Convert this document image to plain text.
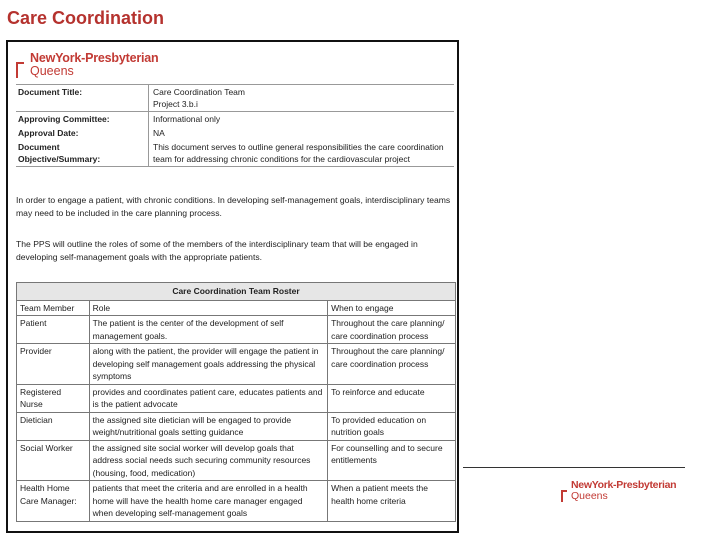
Care Coordination
NewYork-Presbyterian
Queens
Document Title:	Care Coordination Team
Project 3.b.i

Approving Committee:	Informational only
Approval Date:	NA

Document
Objective/Summary:	This document serves to outline general responsibilities the care coordination team for addressing chronic conditions for the cardiovascular project
In order to engage a patient, with chronic conditions. In developing self-management goals, interdisciplinary teams may need to be included in the care planning process.
The PPS will outline the roles of some of the members of the interdisciplinary team that will be engaged in developing self-management goals with the appropriate patients.
Care Coordination Team Roster		
Team Member	Role	When to engage
Patient	The patient is the center of the development of self management goals.	Throughout the care planning/ care coordination process
Provider	along with the patient, the provider will engage the patient in developing self management goals addressing the physical symptoms	Throughout the care planning/ care coordination process
Registered Nurse	provides and coordinates patient care, educates patients and is the patient advocate	To reinforce and educate
Dietician	the assigned site dietician will be engaged to provide weight/nutritional goals setting guidance	To provided education on nutrition goals
Social Worker	the assigned site social worker will develop goals that address social needs such securing community resources (housing, food, medication)	For counselling and to secure entitlements
Health Home Care Manager:	patients that meet the criteria and are enrolled in a health home will have the health home care manager engaged when developing self-management goals	When a patient meets the health home criteria
NewYork-Presbyterian
Queens
